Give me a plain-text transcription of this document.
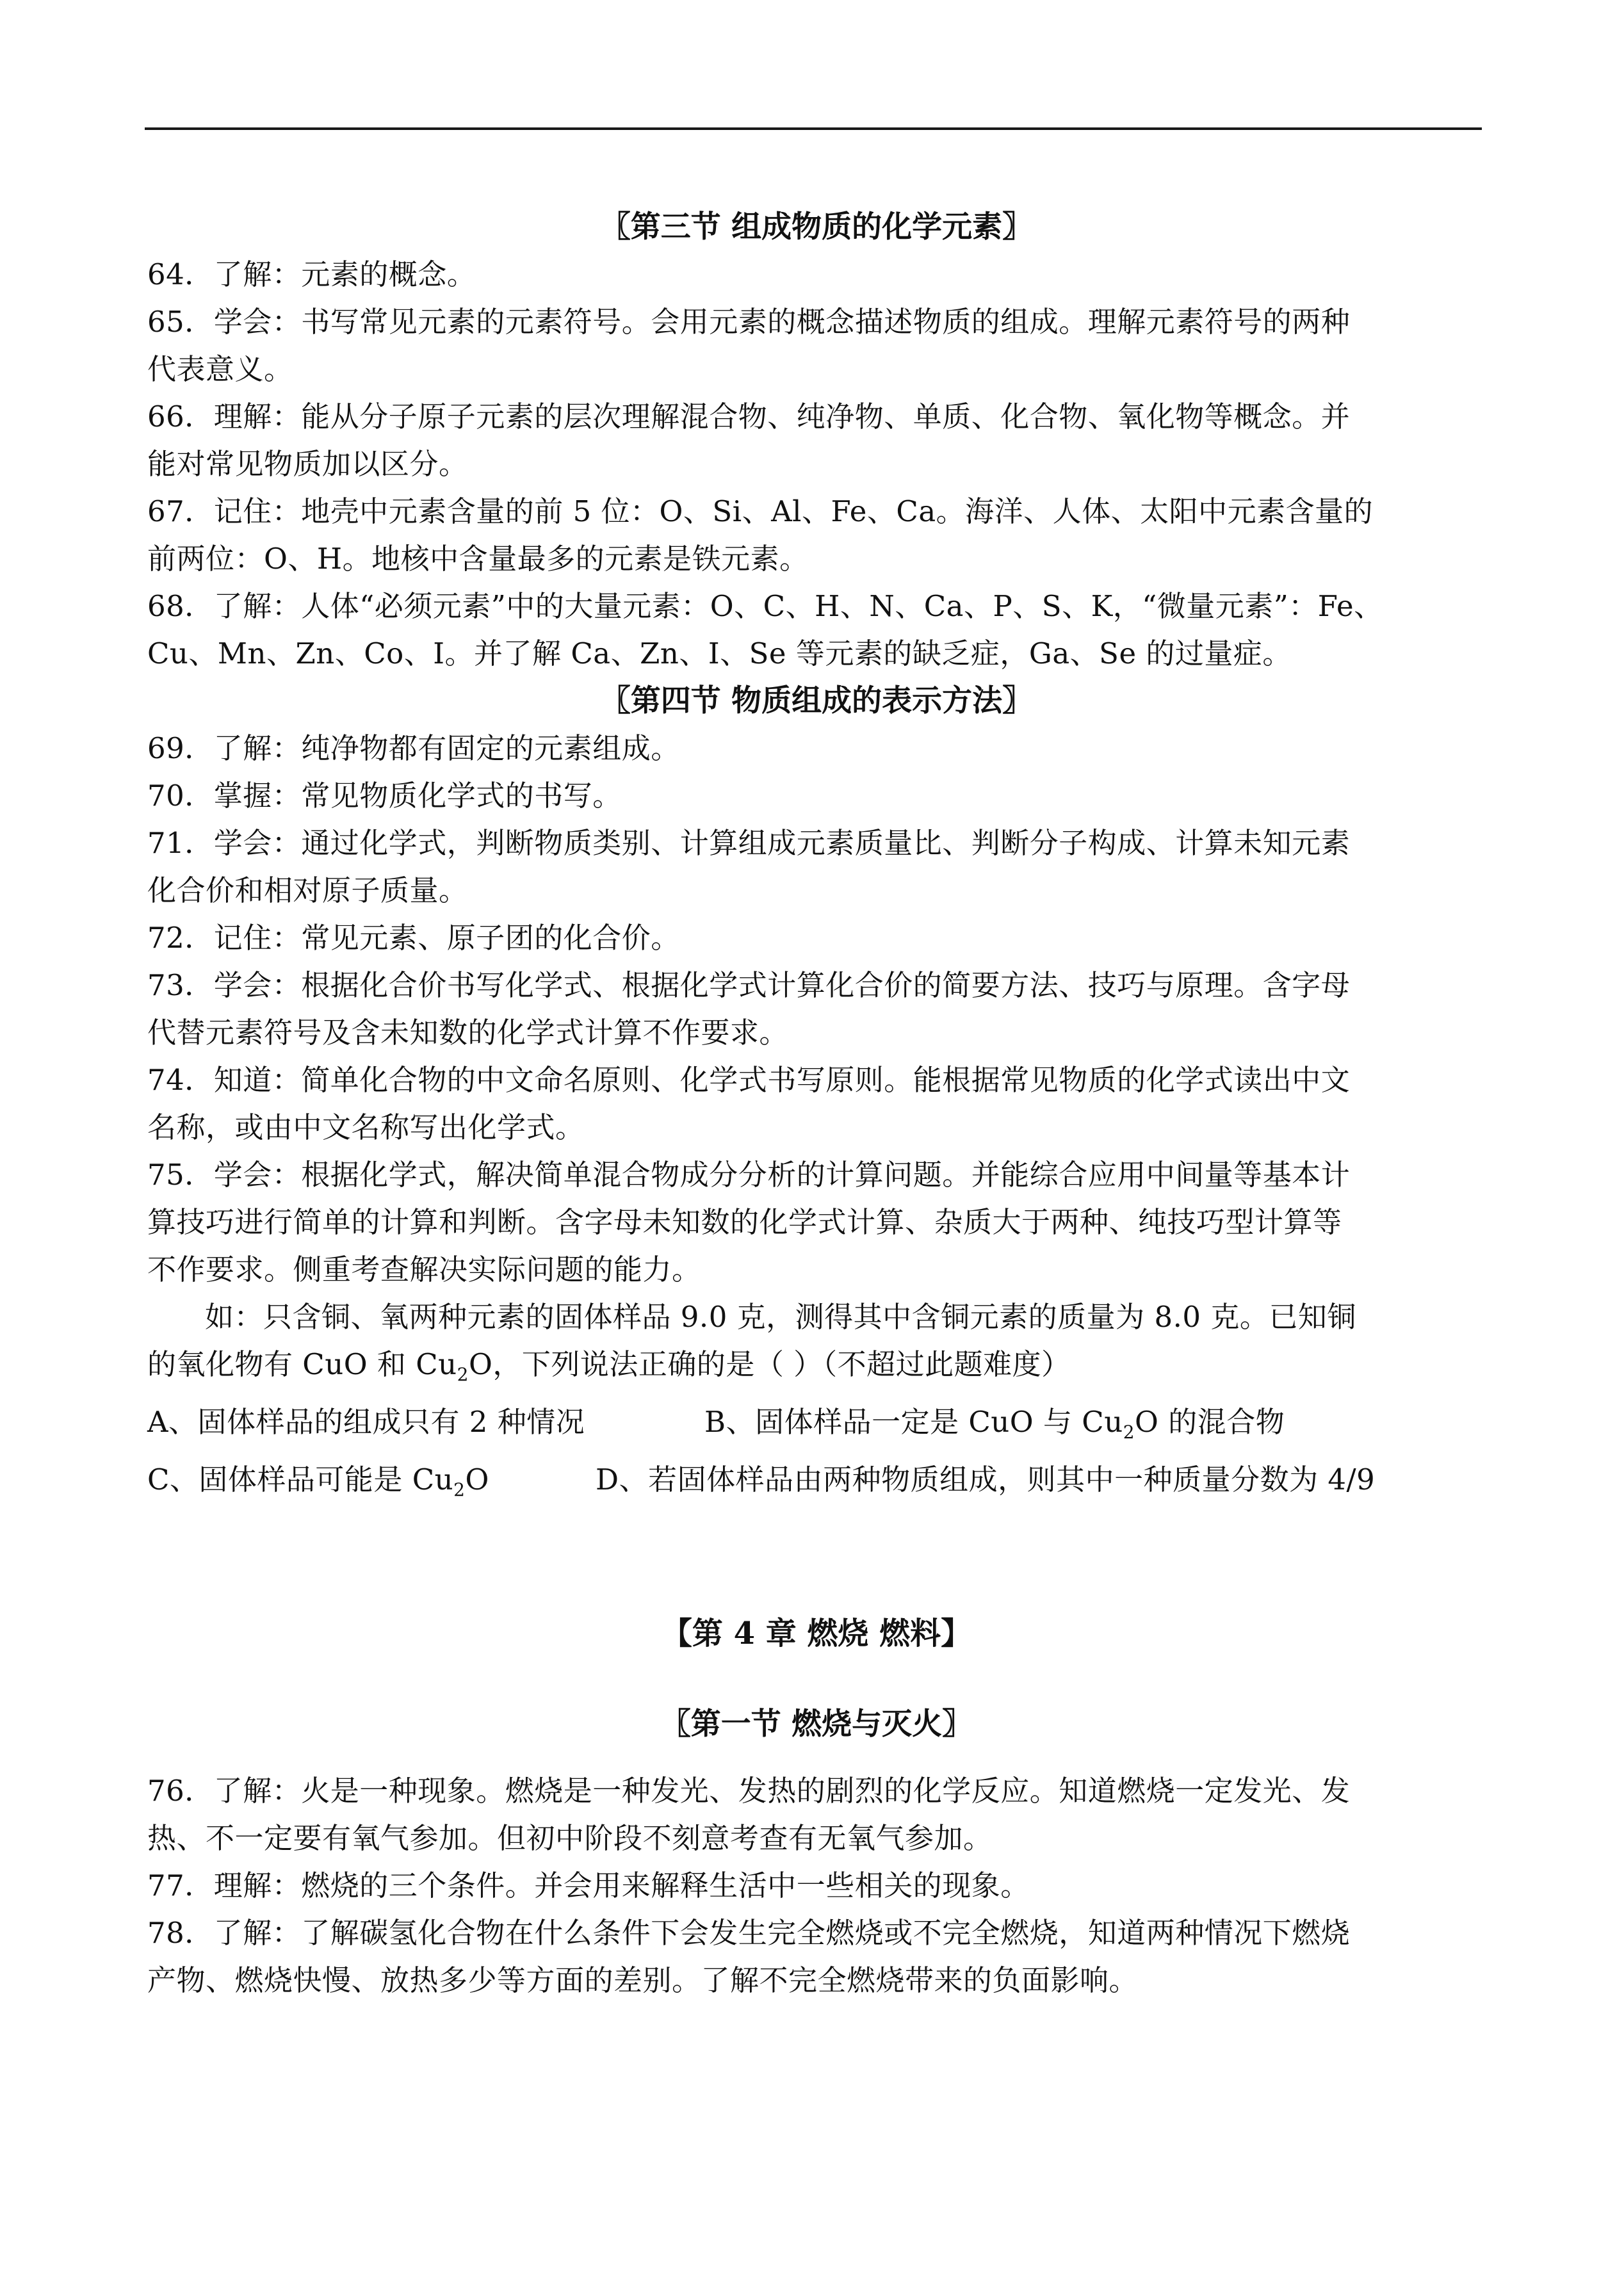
〖第三节 组成物质的化学元素〗

64．了解：元素的概念。

65．学会：书写常见元素的元素符号。会用元素的概念描述物质的组成。理解元素符号的两种

代表意义。

66．理解：能从分子原子元素的层次理解混合物、纯净物、单质、化合物、氧化物等概念。并

能对常见物质加以区分。

67．记住：地壳中元素含量的前 5 位：O、Si、Al、Fe、Ca。海洋、人体、太阳中元素含量的

前两位：O、H。地核中含量最多的元素是铁元素。

68．了解：人体“必须元素”中的大量元素：O、C、H、N、Ca、P、S、K，“微量元素”：Fe、

Cu、Mn、Zn、Co、I。并了解 Ca、Zn、I、Se 等元素的缺乏症，Ga、Se 的过量症。

〖第四节 物质组成的表示方法〗

69．了解：纯净物都有固定的元素组成。

70．掌握：常见物质化学式的书写。

71．学会：通过化学式，判断物质类别、计算组成元素质量比、判断分子构成、计算未知元素

化合价和相对原子质量。

72．记住：常见元素、原子团的化合价。

73．学会：根据化合价书写化学式、根据化学式计算化合价的简要方法、技巧与原理。含字母

代替元素符号及含未知数的化学式计算不作要求。

74．知道：简单化合物的中文命名原则、化学式书写原则。能根据常见物质的化学式读出中文

名称，或由中文名称写出化学式。

75．学会：根据化学式，解决简单混合物成分分析的计算问题。并能综合应用中间量等基本计

算技巧进行简单的计算和判断。含字母未知数的化学式计算、杂质大于两种、纯技巧型计算等

不作要求。侧重考查解决实际问题的能力。

如：只含铜、氧两种元素的固体样品 9.0 克，测得其中含铜元素的质量为 8.0 克。已知铜

的氧化物有 CuO 和 $Cu_2O$，下列说法正确的是（ ）（不超过此题难度）

A、固体样品的组成只有 2 种情况	B、固体样品一定是 CuO 与 $Cu_2O$ 的混合物
C、固体样品可能是 $Cu_2O$	D、若固体样品由两种物质组成，则其中一种质量分数为 4/9

【第 4 章 燃烧 燃料】

〖第一节 燃烧与灭火〗

76．了解：火是一种现象。燃烧是一种发光、发热的剧烈的化学反应。知道燃烧一定发光、发

热、不一定要有氧气参加。但初中阶段不刻意考查有无氧气参加。

77．理解：燃烧的三个条件。并会用来解释生活中一些相关的现象。

78．了解：了解碳氢化合物在什么条件下会发生完全燃烧或不完全燃烧，知道两种情况下燃烧

产物、燃烧快慢、放热多少等方面的差别。了解不完全燃烧带来的负面影响。
